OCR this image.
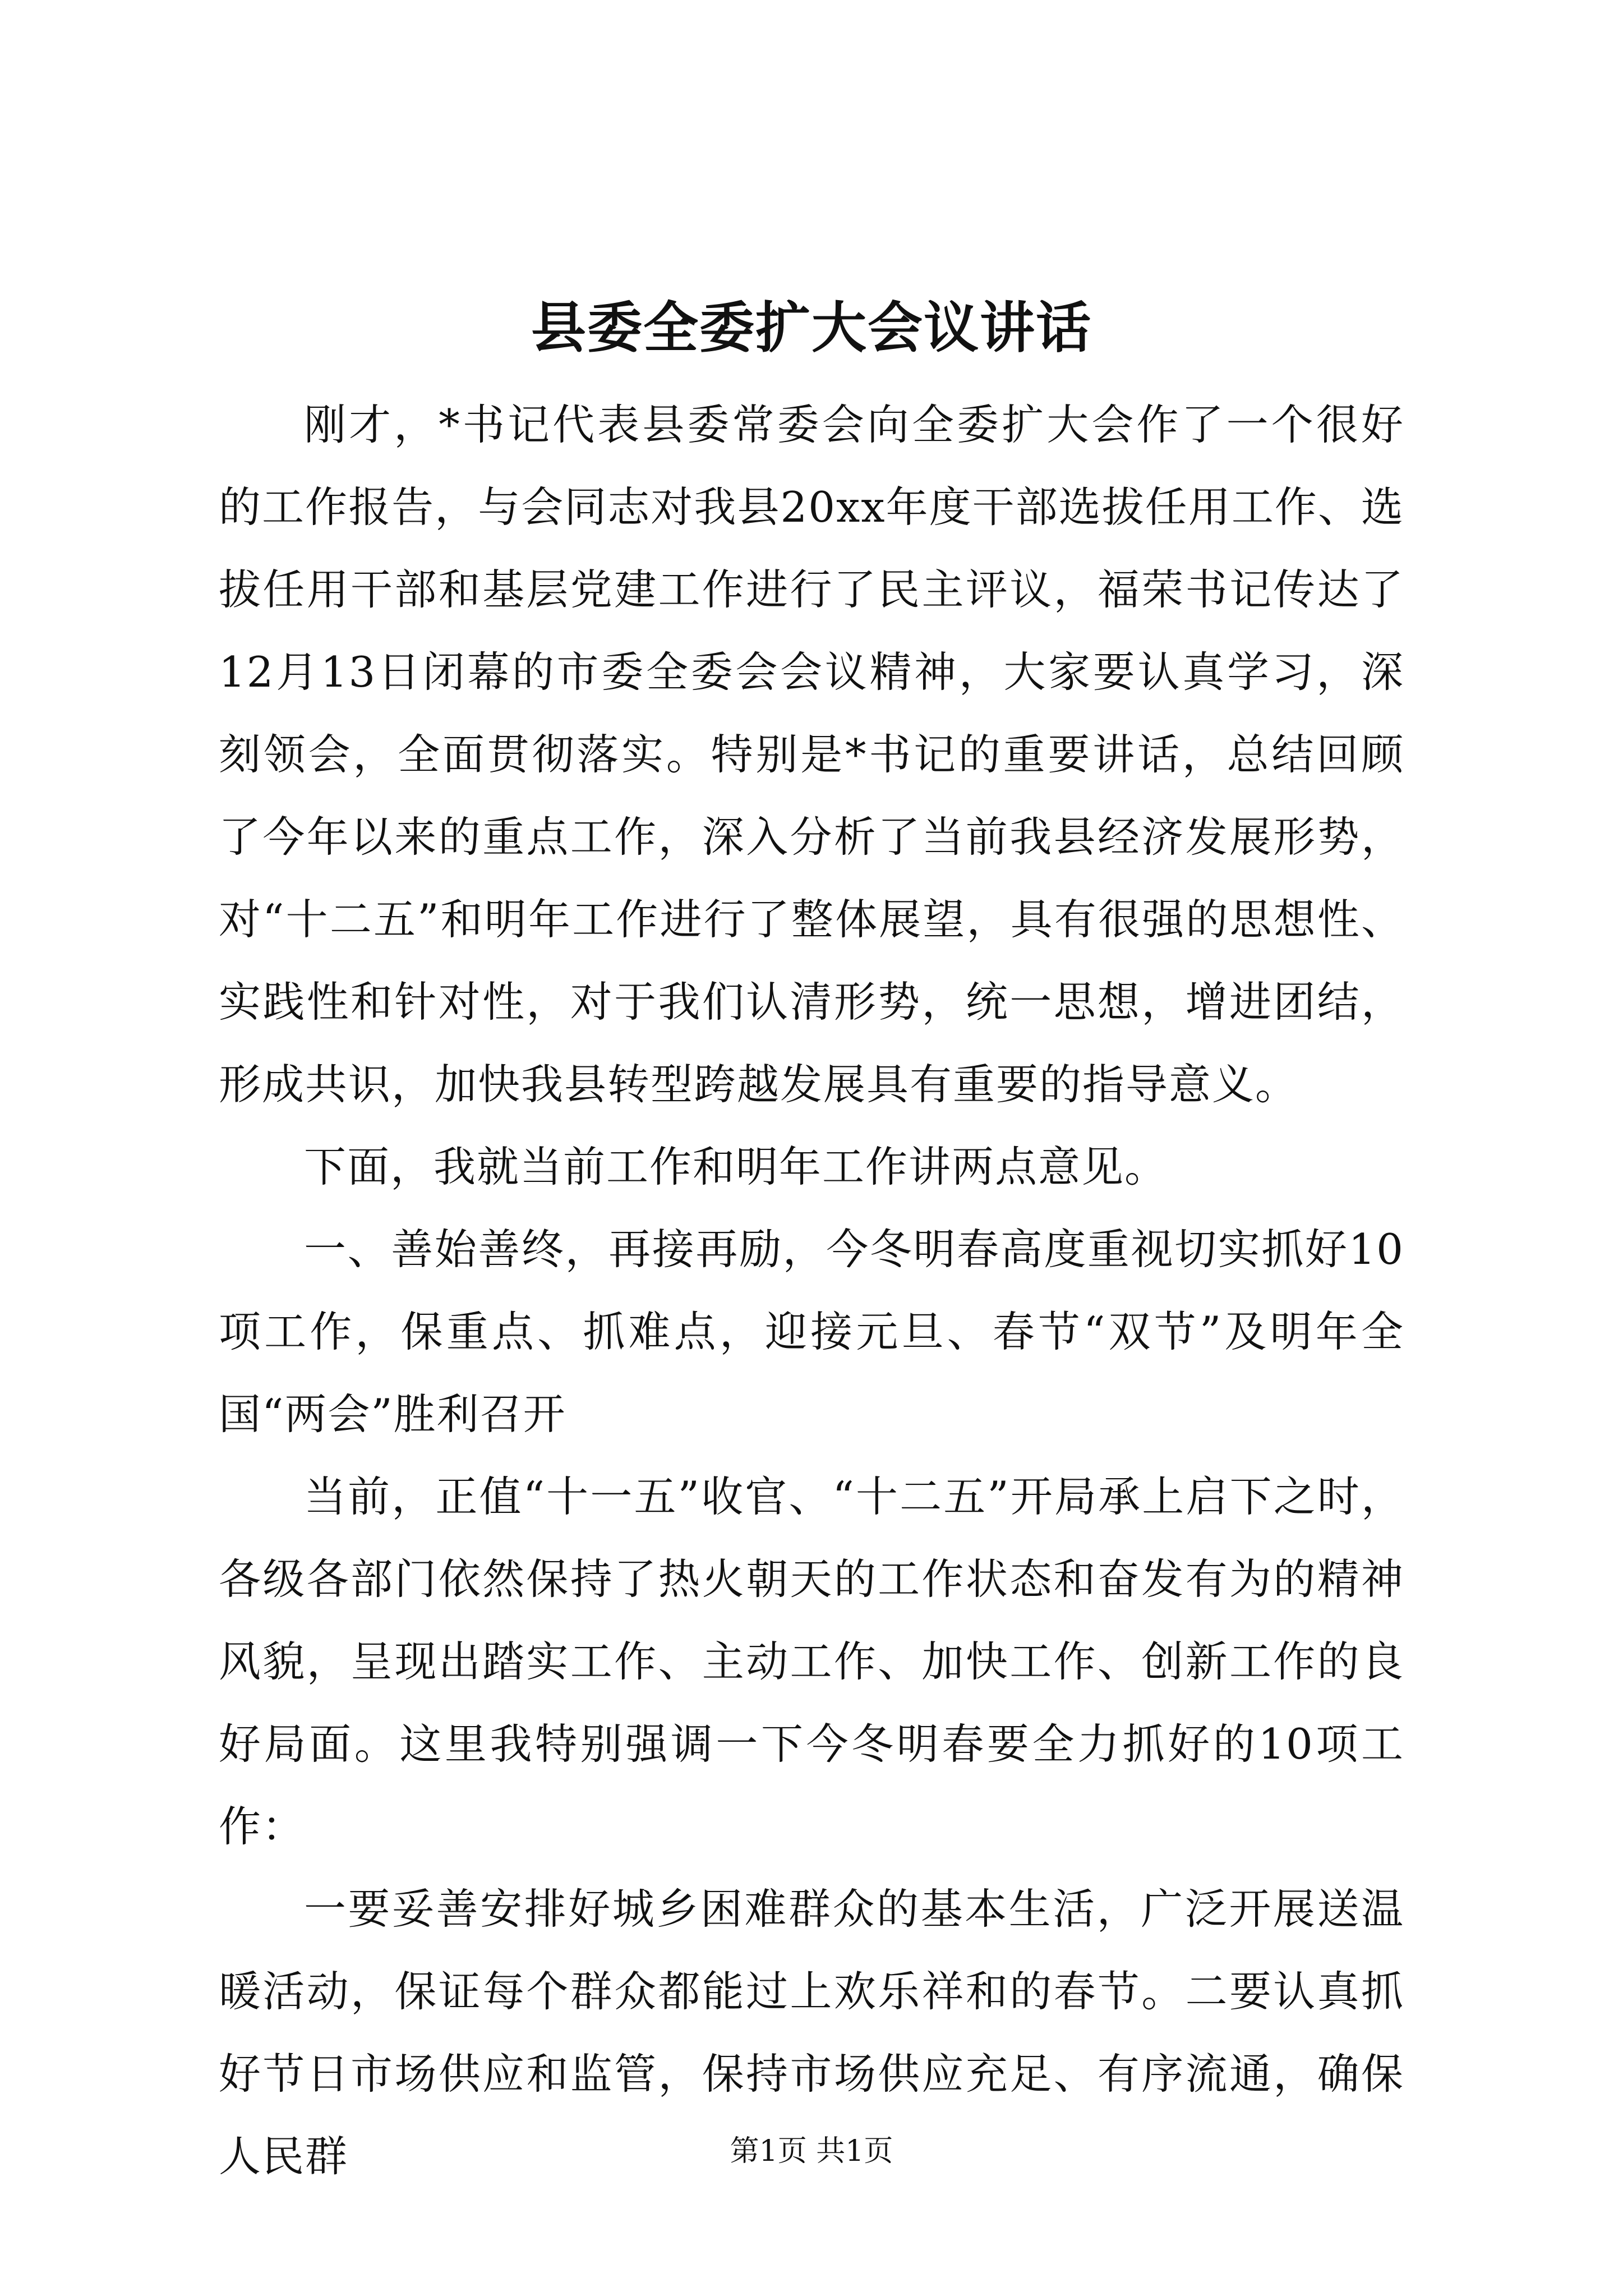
县委全委扩大会议讲话

刚才，*书记代表县委常委会向全委扩大会作了一个很好的工作报告，与会同志对我县20xx年度干部选拔任用工作、选拔任用干部和基层党建工作进行了民主评议，福荣书记传达了12月13日闭幕的市委全委会会议精神，大家要认真学习，深刻领会，全面贯彻落实。特别是*书记的重要讲话，总结回顾了今年以来的重点工作，深入分析了当前我县经济发展形势，对“十二五”和明年工作进行了整体展望，具有很强的思想性、实践性和针对性，对于我们认清形势，统一思想，增进团结，形成共识，加快我县转型跨越发展具有重要的指导意义。

下面，我就当前工作和明年工作讲两点意见。

一、善始善终，再接再励，今冬明春高度重视切实抓好10项工作，保重点、抓难点，迎接元旦、春节“双节”及明年全国“两会”胜利召开

当前，正值“十一五”收官、“十二五”开局承上启下之时，各级各部门依然保持了热火朝天的工作状态和奋发有为的精神风貌，呈现出踏实工作、主动工作、加快工作、创新工作的良好局面。这里我特别强调一下今冬明春要全力抓好的10项工作：

一要妥善安排好城乡困难群众的基本生活，广泛开展送温暖活动，保证每个群众都能过上欢乐祥和的春节。二要认真抓好节日市场供应和监管，保持市场供应充足、有序流通，确保人民群	第1页 共1页
